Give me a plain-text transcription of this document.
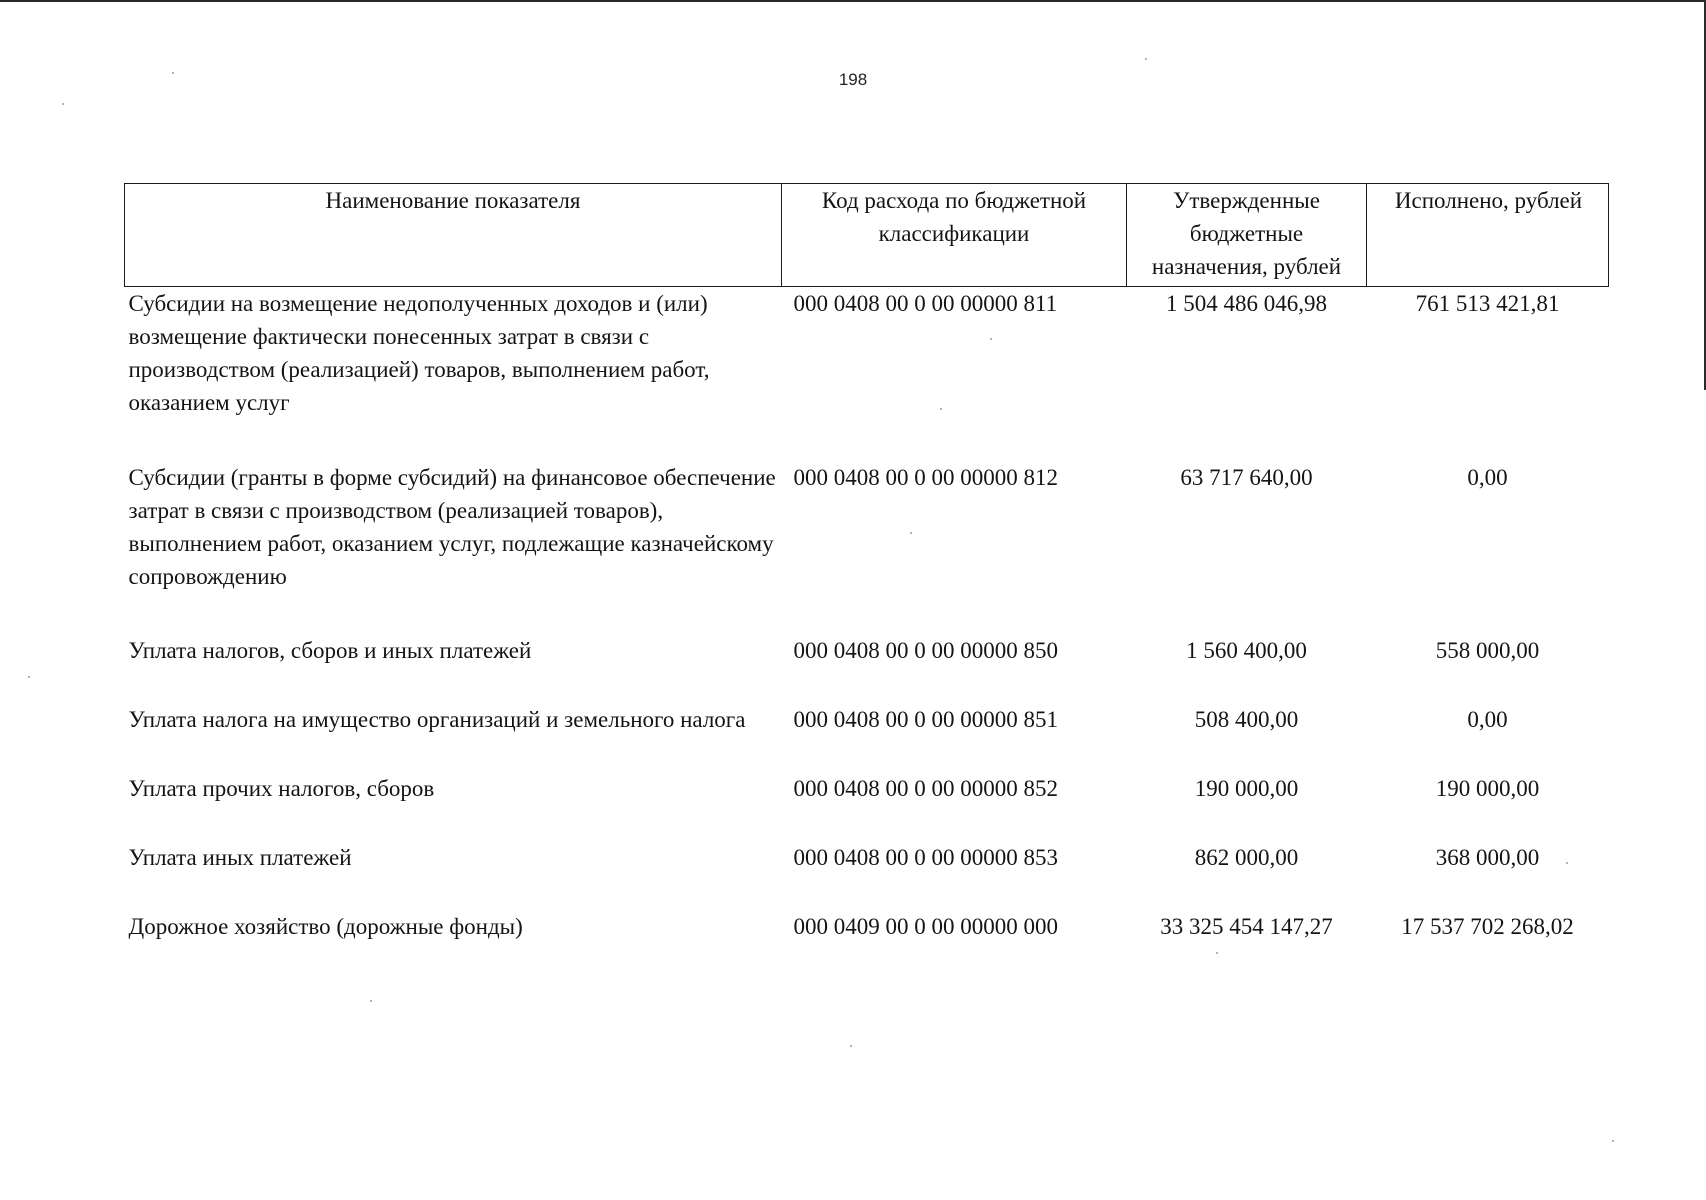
198
Наименование показателя	Код расхода по бюджетной классификации	Утвержденные бюджетные назначения, рублей	Исполнено, рублей
Субсидии на возмещение недополученных доходов и (или) возмещение фактически понесенных затрат в связи с производством (реализацией) товаров, выполнением работ, оказанием услуг	000 0408 00 0 00 00000 811	1 504 486 046,98	761 513 421,81
Субсидии (гранты в форме субсидий) на финансовое обеспечение затрат в связи с производством (реализацией товаров), выполнением работ, оказанием услуг, подлежащие казначейскому сопровождению	000 0408 00 0 00 00000 812	63 717 640,00	0,00
Уплата налогов, сборов и иных платежей	000 0408 00 0 00 00000 850	1 560 400,00	558 000,00
Уплата налога на имущество организаций и земельного налога	000 0408 00 0 00 00000 851	508 400,00	0,00
Уплата прочих налогов, сборов	000 0408 00 0 00 00000 852	190 000,00	190 000,00
Уплата иных платежей	000 0408 00 0 00 00000 853	862 000,00	368 000,00
Дорожное хозяйство (дорожные фонды)	000 0409 00 0 00 00000 000	33 325 454 147,27	17 537 702 268,02
